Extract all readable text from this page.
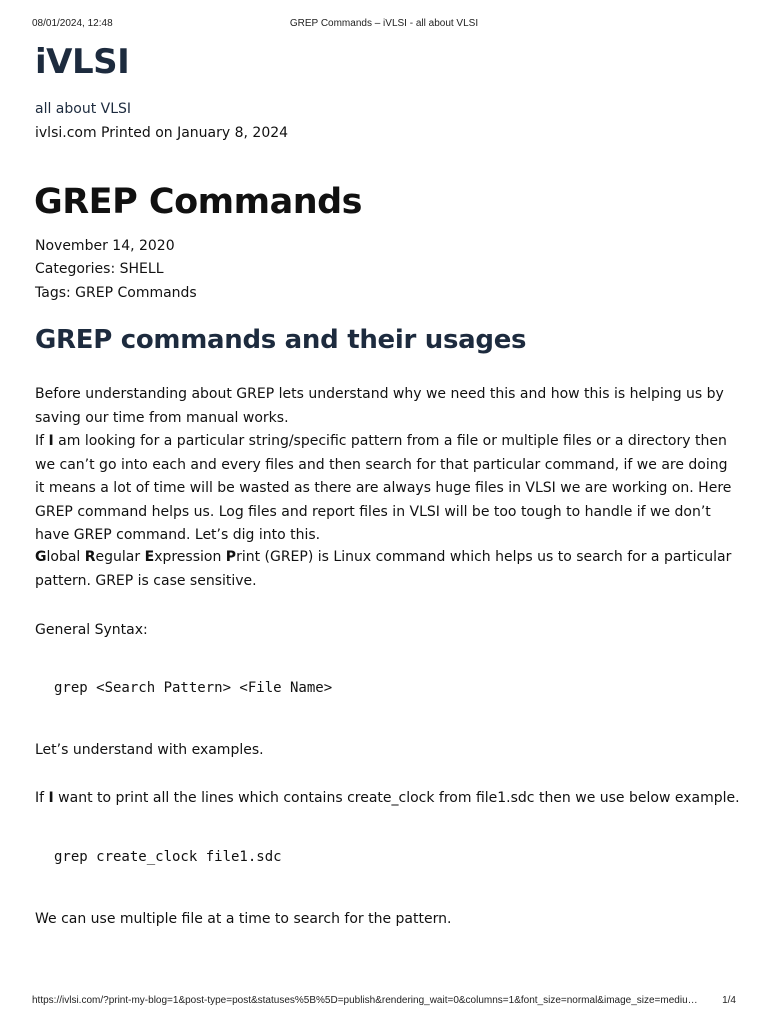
08/01/2024, 12:48	GREP Commands – iVLSI - all about VLSI
iVLSI
all about VLSI
ivlsi.com Printed on January 8, 2024
GREP Commands
November 14, 2020
Categories: SHELL
Tags: GREP Commands
GREP commands and their usages
Before understanding about GREP lets understand why we need this and how this is helping us by saving our time from manual works.
If I am looking for a particular string/specific pattern from a file or multiple files or a directory then we can’t go into each and every files and then search for that particular command, if we are doing it means a lot of time will be wasted as there are always huge files in VLSI we are working on. Here GREP command helps us. Log files and report files in VLSI will be too tough to handle if we don’t have GREP command. Let’s dig into this.
Global Regular Expression Print (GREP) is Linux command which helps us to search for a particular pattern. GREP is case sensitive.
General Syntax:
grep <Search Pattern> <File Name>
Let’s understand with examples.
If I want to print all the lines which contains create_clock from file1.sdc then we use below example.
grep create_clock file1.sdc
We can use multiple file at a time to search for the pattern.
https://ivlsi.com/?print-my-blog=1&post-type=post&statuses%5B%5D=publish&rendering_wait=0&columns=1&font_size=normal&image_size=mediu…	1/4
